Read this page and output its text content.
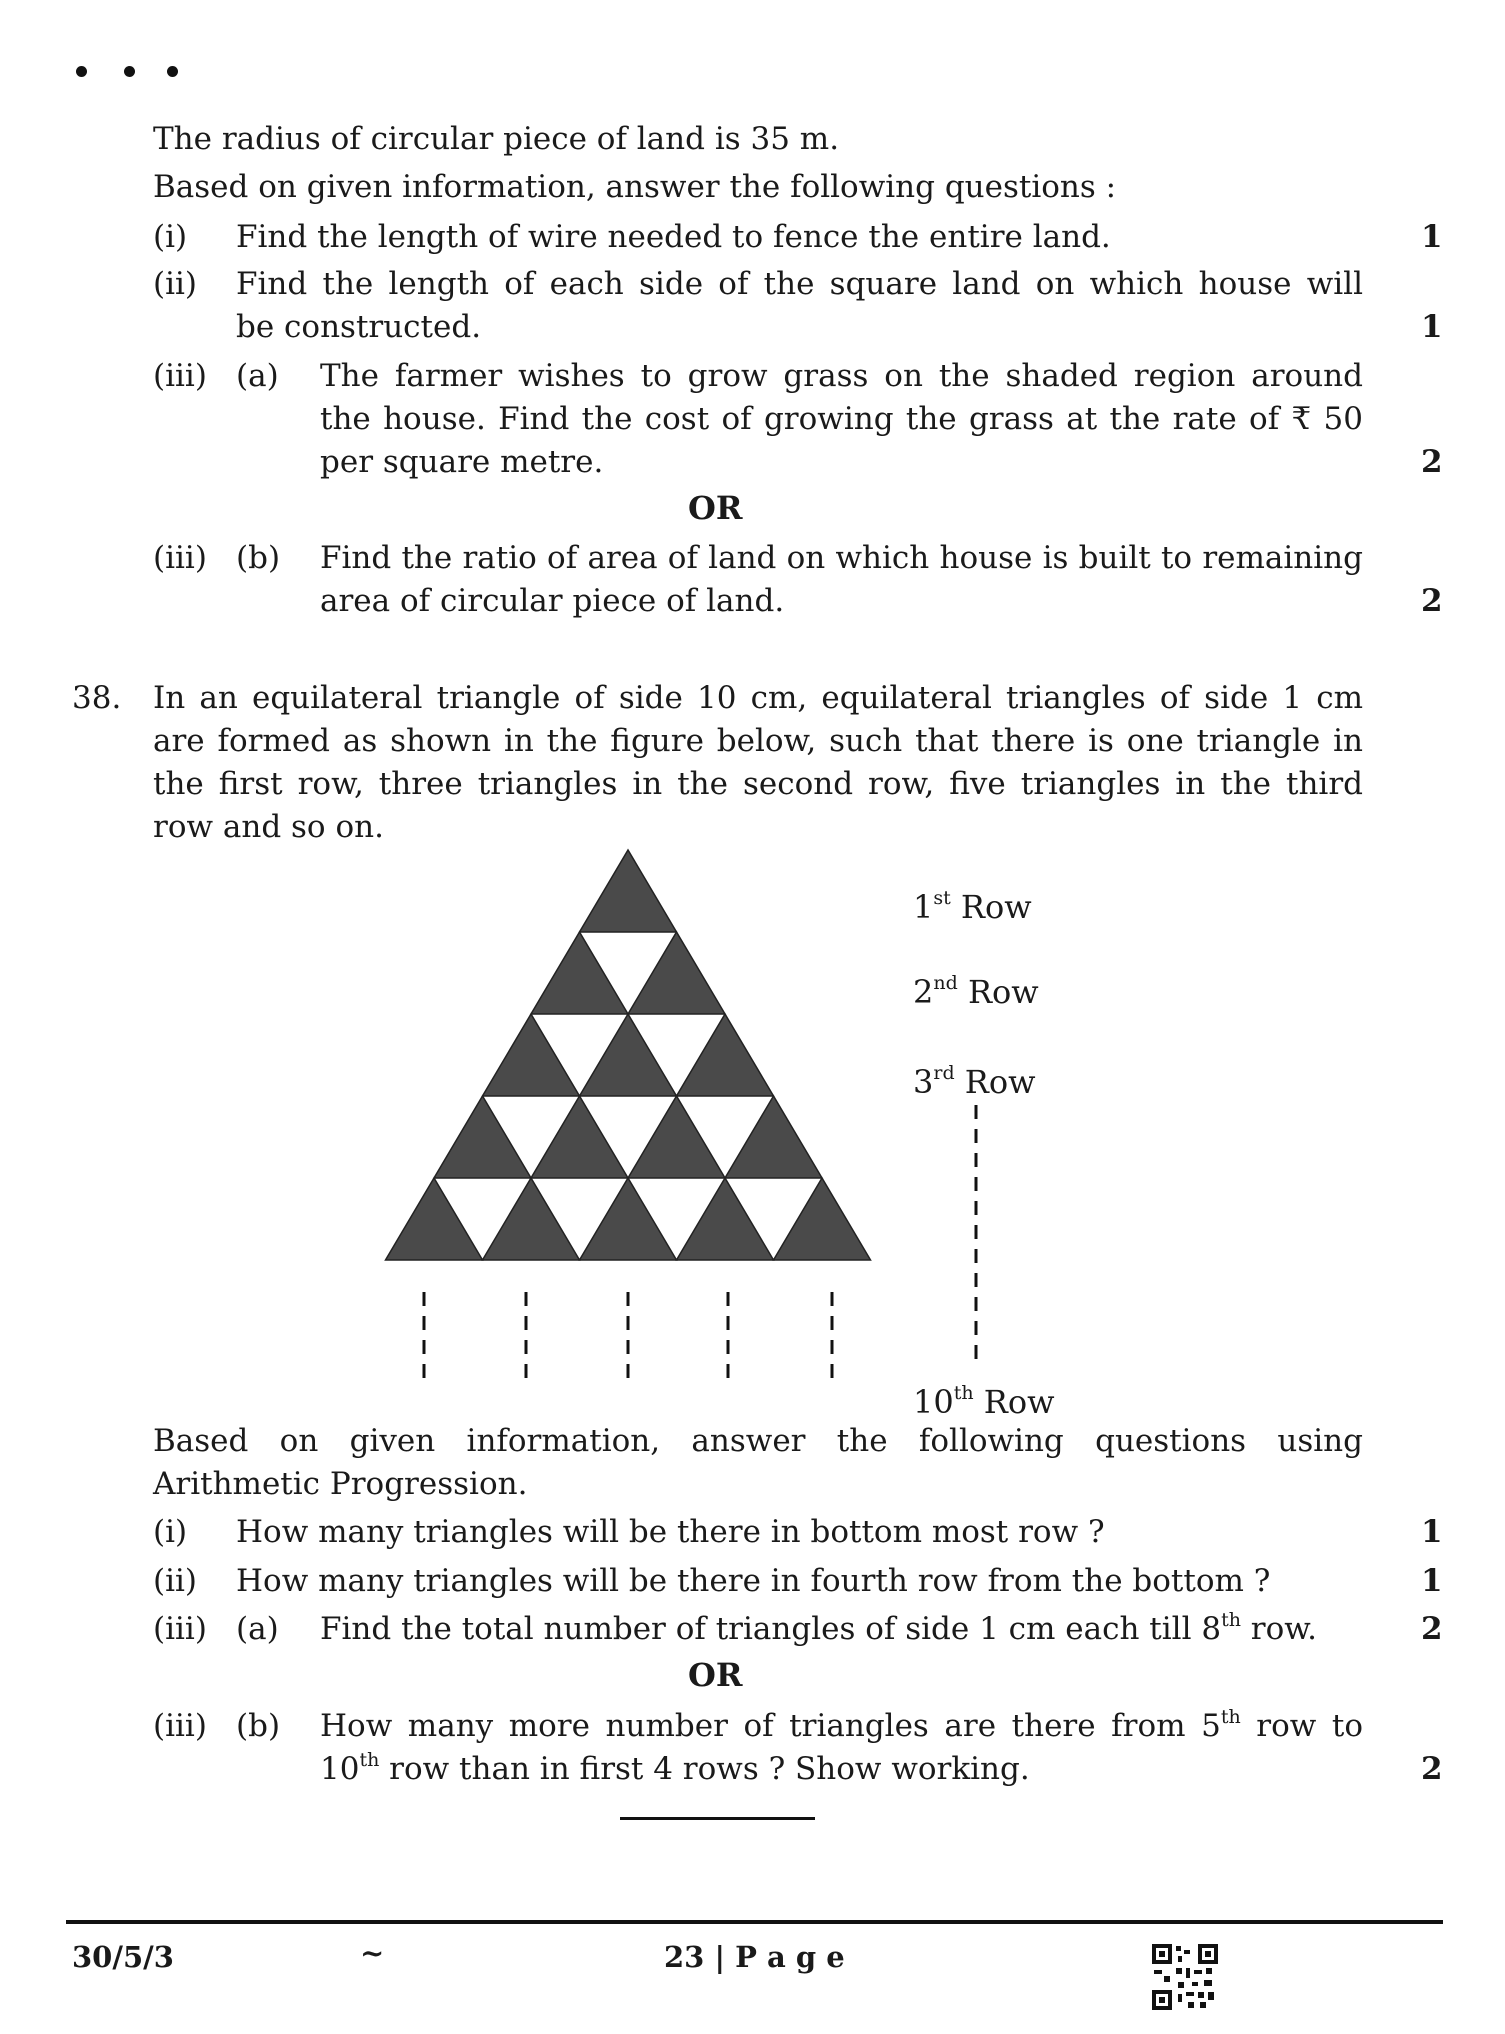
The radius of circular piece of land is 35 m.
Based on given information, answer the following questions :
(i) Find the length of wire needed to fence the entire land.	1
(ii) Find the length of each side of the square land on which house will
be constructed.	1
(iii) (a) The farmer wishes to grow grass on the shaded region around
the house. Find the cost of growing the grass at the rate of ₹ 50
per square metre.	2
OR
(iii) (b) Find the ratio of area of land on which house is built to remaining
area of circular piece of land.	2
38. In an equilateral triangle of side 10 cm, equilateral triangles of side 1 cm
are formed as shown in the figure below, such that there is one triangle in
the first row, three triangles in the second row, five triangles in the third
row and so on.
1st Row
2nd Row
3rd Row
10th Row
Based on given information, answer the following questions using
Arithmetic Progression.
(i) How many triangles will be there in bottom most row ?	1
(ii) How many triangles will be there in fourth row from the bottom ?	1
(iii) (a) Find the total number of triangles of side 1 cm each till 8th row.	2
OR
(iii) (b) How many more number of triangles are there from 5th row to
10th row than in first 4 rows ? Show working.	2
30/5/3	~	23 | P a g e
